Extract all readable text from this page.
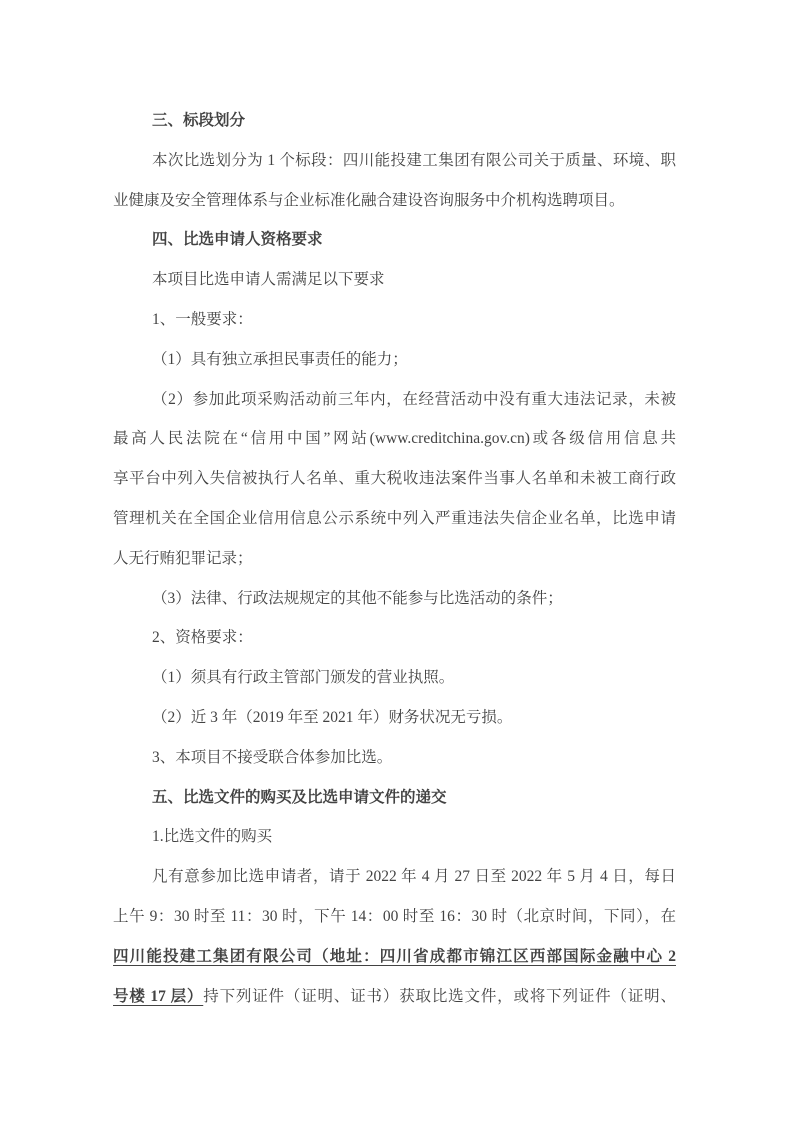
三、标段划分
本次比选划分为 1 个标段：四川能投建工集团有限公司关于质量、环境、职
业健康及安全管理体系与企业标准化融合建设咨询服务中介机构选聘项目。
四、比选申请人资格要求
本项目比选申请人需满足以下要求
1、一般要求：
（1）具有独立承担民事责任的能力；
（2）参加此项采购活动前三年内，在经营活动中没有重大违法记录，未被
最高人民法院在“信用中国”网站(www.creditchina.gov.cn)或各级信用信息共
享平台中列入失信被执行人名单、重大税收违法案件当事人名单和未被工商行政
管理机关在全国企业信用信息公示系统中列入严重违法失信企业名单，比选申请
人无行贿犯罪记录；
（3）法律、行政法规规定的其他不能参与比选活动的条件；
2、资格要求：
（1）须具有行政主管部门颁发的营业执照。
（2）近 3 年（2019 年至 2021 年）财务状况无亏损。
3、本项目不接受联合体参加比选。
五、比选文件的购买及比选申请文件的递交
1.比选文件的购买
凡有意参加比选申请者，请于 2022 年 4 月 27 日至 2022 年 5 月 4 日，每日
上午 9：30 时至 11：30 时，下午 14：00 时至 16：30 时（北京时间，下同），在
四川能投建工集团有限公司（地址：四川省成都市锦江区西部国际金融中心 2
号楼 17 层）持下列证件（证明、证书）获取比选文件，或将下列证件（证明、
